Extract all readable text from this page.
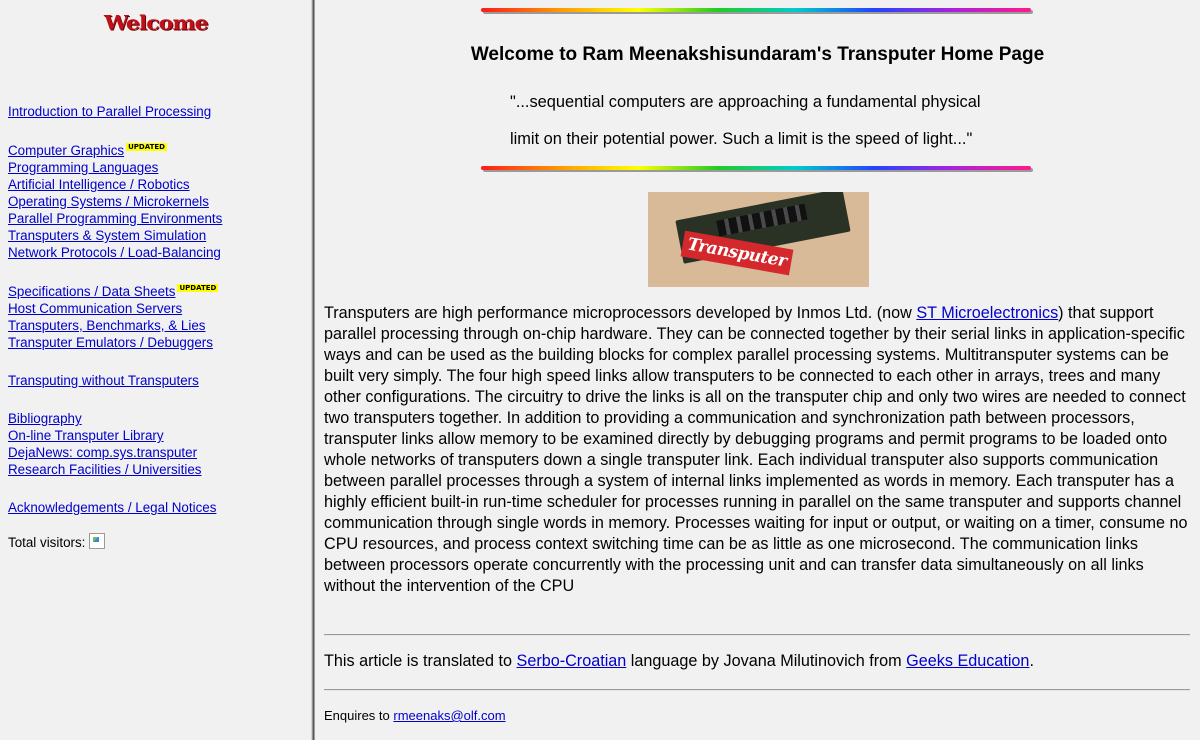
Welcome
Introduction to Parallel Processing
Computer Graphics UPDATED
Programming Languages
Artificial Intelligence / Robotics
Operating Systems / Microkernels
Parallel Programming Environments
Transputers & System Simulation
Network Protocols / Load-Balancing
Specifications / Data Sheets UPDATED
Host Communication Servers
Transputers, Benchmarks, & Lies
Transputer Emulators / Debuggers
Transputing without Transputers
Bibliography
On-line Transputer Library
DejaNews: comp.sys.transputer
Research Facilities / Universities
Acknowledgements / Legal Notices
Total visitors:
Welcome to Ram Meenakshisundaram's Transputer Home Page
"...sequential computers are approaching a fundamental physical
limit on their potential power. Such a limit is the speed of light..."
Transputer
Transputers are high performance microprocessors developed by Inmos Ltd. (now ST Microelectronics) that support parallel processing through on-chip hardware. They can be connected together by their serial links in application-specific ways and can be used as the building blocks for complex parallel processing systems. Multitransputer systems can be built very simply. The four high speed links allow transputers to be connected to each other in arrays, trees and many other configurations. The circuitry to drive the links is all on the transputer chip and only two wires are needed to connect two transputers together. In addition to providing a communication and synchronization path between processors, transputer links allow memory to be examined directly by debugging programs and permit programs to be loaded onto whole networks of transputers down a single transputer link. Each individual transputer also supports communication between parallel processes through a system of internal links implemented as words in memory. Each transputer has a highly efficient built-in run-time scheduler for processes running in parallel on the same transputer and supports channel communication through single words in memory. Processes waiting for input or output, or waiting on a timer, consume no CPU resources, and process context switching time can be as little as one microsecond. The communication links between processors operate concurrently with the processing unit and can transfer data simultaneously on all links without the intervention of the CPU
This article is translated to Serbo-Croatian language by Jovana Milutinovich from Geeks Education.
Enquires to rmeenaks@olf.com
